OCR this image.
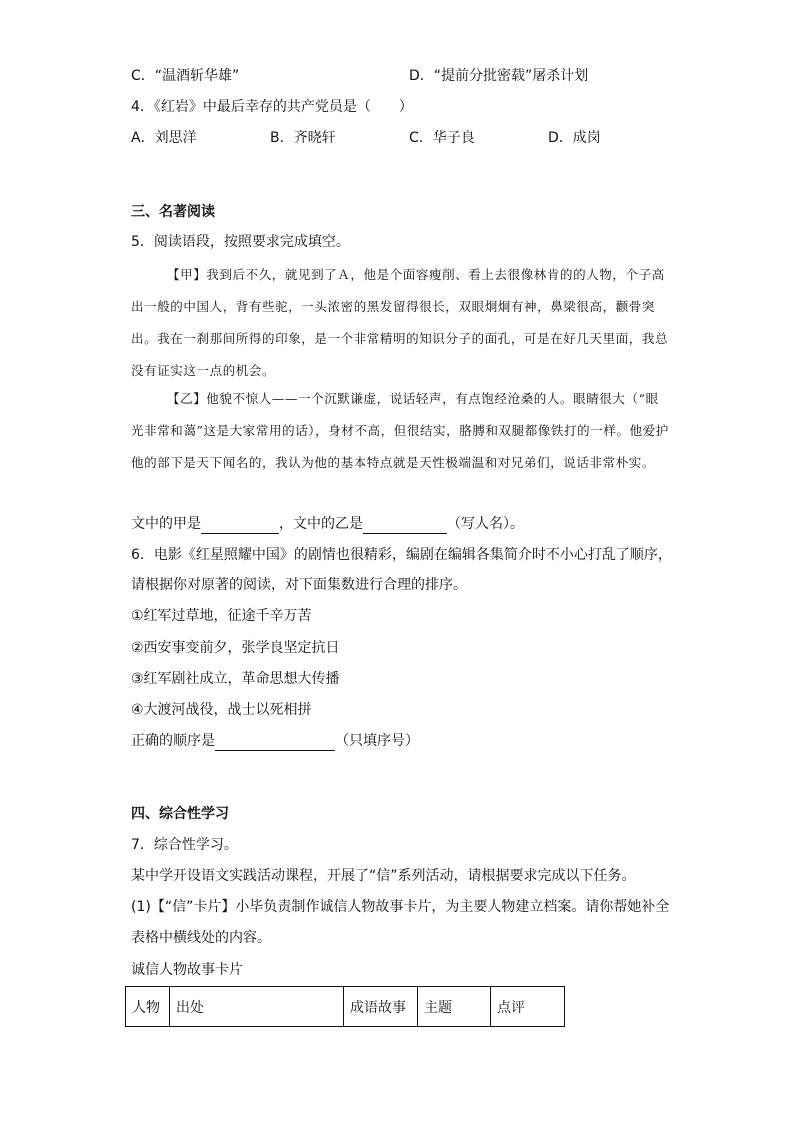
C．“温酒斩华雄”	D．“提前分批密载”屠杀计划
4．《红岩》中最后幸存的共产党员是（　　）
A．刘思洋	B．齐晓轩	C．华子良	D．成岗
三、名著阅读
5．阅读语段，按照要求完成填空。

【甲】我到后不久，就见到了Ａ，他是个面容瘦削、看上去很像林肯的的人物，个子高出一般的中国人，背有些驼，一头浓密的黑发留得很长，双眼炯炯有神，鼻梁很高，颧骨突出。我在一刹那间所得的印象，是一个非常精明的知识分子的面孔，可是在好几天里面，我总没有证实这一点的机会。

【乙】他貌不惊人——一个沉默谦虚，说话轻声，有点饱经沧桑的人。眼睛很大（“眼光非常和蔼”这是大家常用的话），身材不高，但很结实，胳膊和双腿都像铁打的一样。他爱护他的部下是天下闻名的，我认为他的基本特点就是天性极端温和对兄弟们，说话非常朴实。

文中的甲是	，文中的乙是	（写人名）。
6．电影《红星照耀中国》的剧情也很精彩，编剧在编辑各集简介时不小心打乱了顺序，
请根据你对原著的阅读，对下面集数进行合理的排序。
①红军过草地，征途千辛万苦
②西安事变前夕，张学良坚定抗日
③红军剧社成立，革命思想大传播
④大渡河战役，战士以死相拼
正确的顺序是	（只填序号）
四、综合性学习
7．综合性学习。
某中学开设语文实践活动课程，开展了“信”系列活动，请根据要求完成以下任务。
(1)【“信”卡片】小毕负责制作诚信人物故事卡片，为主要人物建立档案。请你帮她补全
表格中横线处的内容。
诚信人物故事卡片
人物	出处	成语故事	主题	点评
